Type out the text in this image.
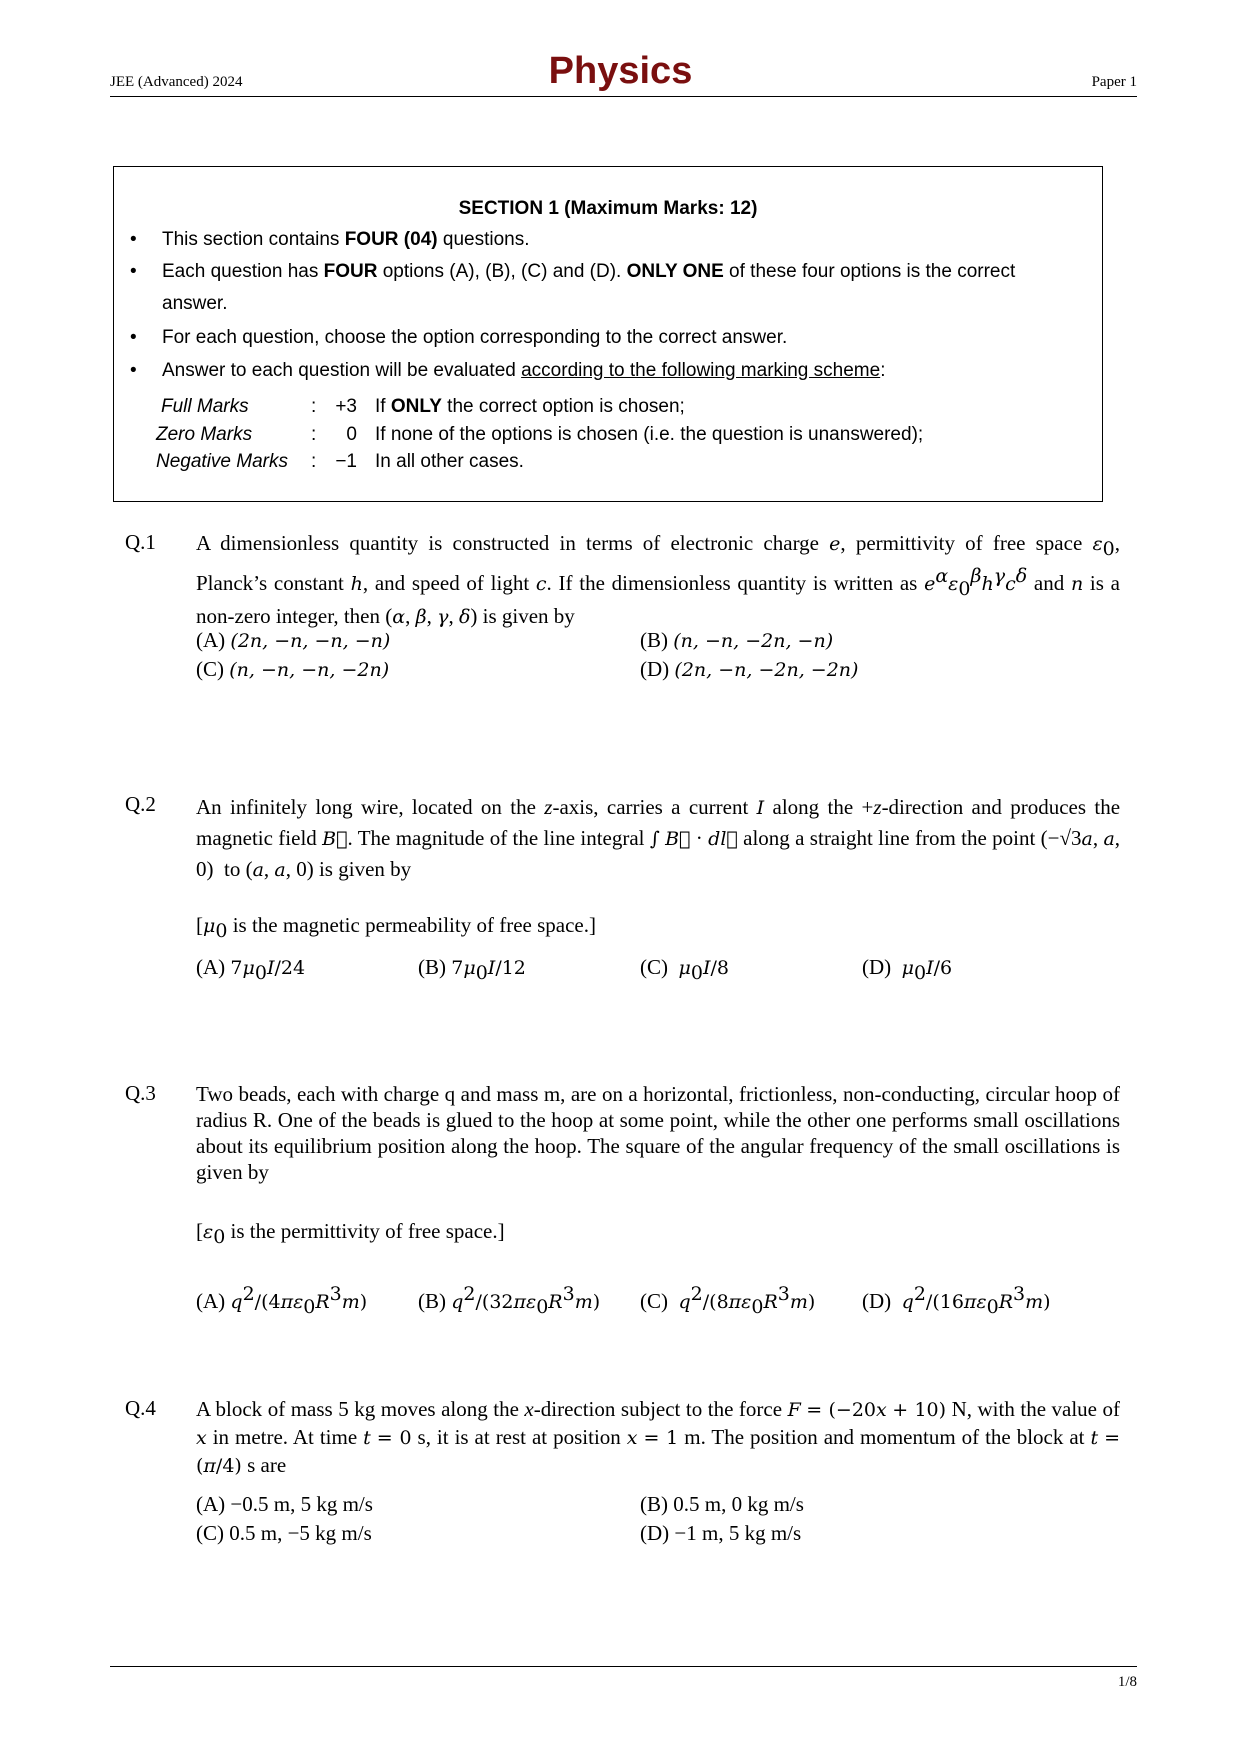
JEE (Advanced) 2024	Physics	Paper 1
SECTION 1 (Maximum Marks: 12)
• This section contains FOUR (04) questions.
• Each question has FOUR options (A), (B), (C) and (D). ONLY ONE of these four options is the correct answer.
• For each question, choose the option corresponding to the correct answer.
• Answer to each question will be evaluated according to the following marking scheme:
Full Marks	:	+3 If ONLY the correct option is chosen;
Zero Marks	:	0 If none of the options is chosen (i.e. the question is unanswered);
Negative Marks :	−1 In all other cases.
Q.1 A dimensionless quantity is constructed in terms of electronic charge e, permittivity of free space $\varepsilon_0$, Planck’s constant h, and speed of light c. If the dimensionless quantity is written as $e^\alpha\varepsilon_0^\beta h^\gamma c^\delta$ and n is a non-zero integer, then (α, β, γ, δ) is given by
(A) (2n, −n, −n, −n)	(B) (n, −n, −2n, −n)
(C) (n, −n, −n, −2n)	(D) (2n, −n, −2n, −2n)
Q.2 An infinitely long wire, located on the z-axis, carries a current I along the +z-direction and produces the magnetic field B⃗. The magnitude of the line integral ∫ B⃗ · dl⃗ along a straight line from the point (−√3a, a, 0)  to (a, a, 0) is given by
[$\mu_0$ is the magnetic permeability of free space.]
(A) $7\mu_0I/24$	(B) $7\mu_0I/12$	(C) $\mu_0I/8$	(D) $\mu_0I/6$
Q.3 Two beads, each with charge q and mass m, are on a horizontal, frictionless, non-conducting, circular hoop of radius R. One of the beads is glued to the hoop at some point, while the other one performs small oscillations about its equilibrium position along the hoop. The square of the angular frequency of the small oscillations is given by
[$\varepsilon_0$ is the permittivity of free space.]
(A) $q^2/(4\pi\varepsilon_0R^3m)$ (B) $q^2/(32\pi\varepsilon_0R^3m)$ (C) $q^2/(8\pi\varepsilon_0R^3m)$ (D) $q^2/(16\pi\varepsilon_0R^3m)$
Q.4 A block of mass 5 kg moves along the x-direction subject to the force F = (−20x + 10) N, with the value of x in metre. At time t = 0 s, it is at rest at position x = 1 m. The position and momentum of the block at t = (π/4) s are
(A) −0.5 m, 5 kg m/s	(B) 0.5 m, 0 kg m/s
(C) 0.5 m, −5 kg m/s	(D) −1 m, 5 kg m/s
1/8
